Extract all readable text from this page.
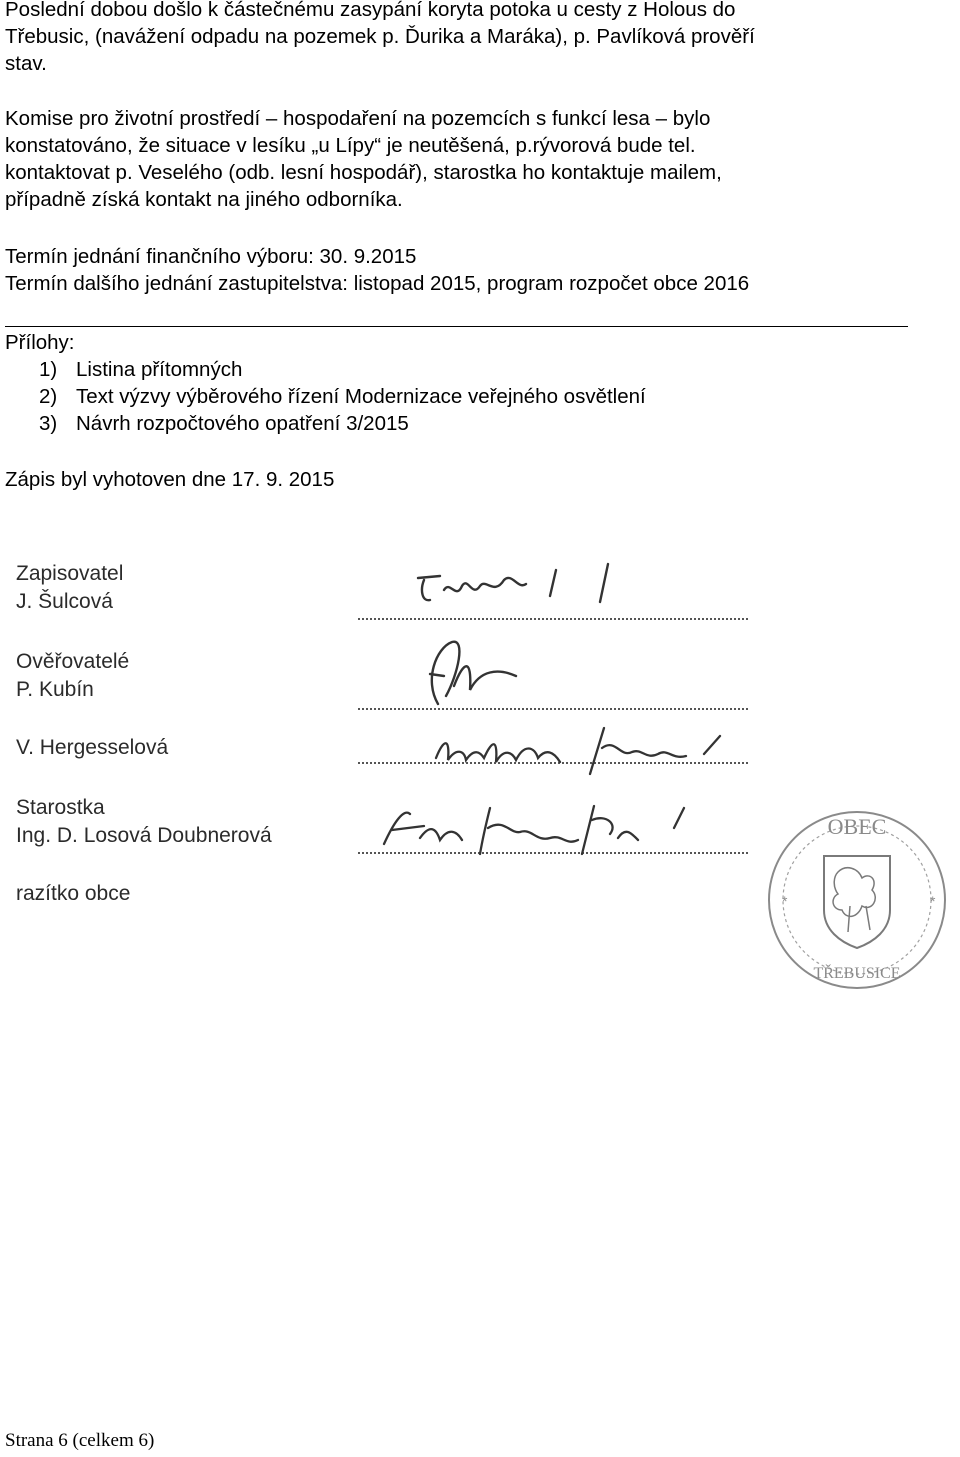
Poslední dobou došlo k částečnému zasypání koryta potoka u cesty z Holous do
Třebusic, (navážení odpadu na pozemek p. Ďurika a Maráka), p. Pavlíková prověří
stav.
Komise pro životní prostředí – hospodaření na pozemcích s funkcí lesa – bylo
konstatováno, že situace v lesíku „u Lípy“ je neutěšená, p.rývorová bude tel.
kontaktovat p. Veselého (odb. lesní hospodář), starostka ho kontaktuje mailem,
případně získá kontakt na jiného odborníka.
Termín jednání finančního výboru: 30. 9.2015
Termín dalšího jednání zastupitelstva: listopad 2015, program rozpočet obce 2016
Přílohy:
1) Listina přítomných
2) Text výzvy výběrového řízení Modernizace veřejného osvětlení
3) Návrh rozpočtového opatření 3/2015
Zápis byl vyhotoven dne 17. 9. 2015
Zapisovatel
J. Šulcová
Ověřovatelé
P. Kubín
V. Hergesselová
Starostka
Ing. D. Losová Doubnerová
razítko obce
OBEC
TŘEBUSICE
*	*
Strana 6 (celkem 6)
